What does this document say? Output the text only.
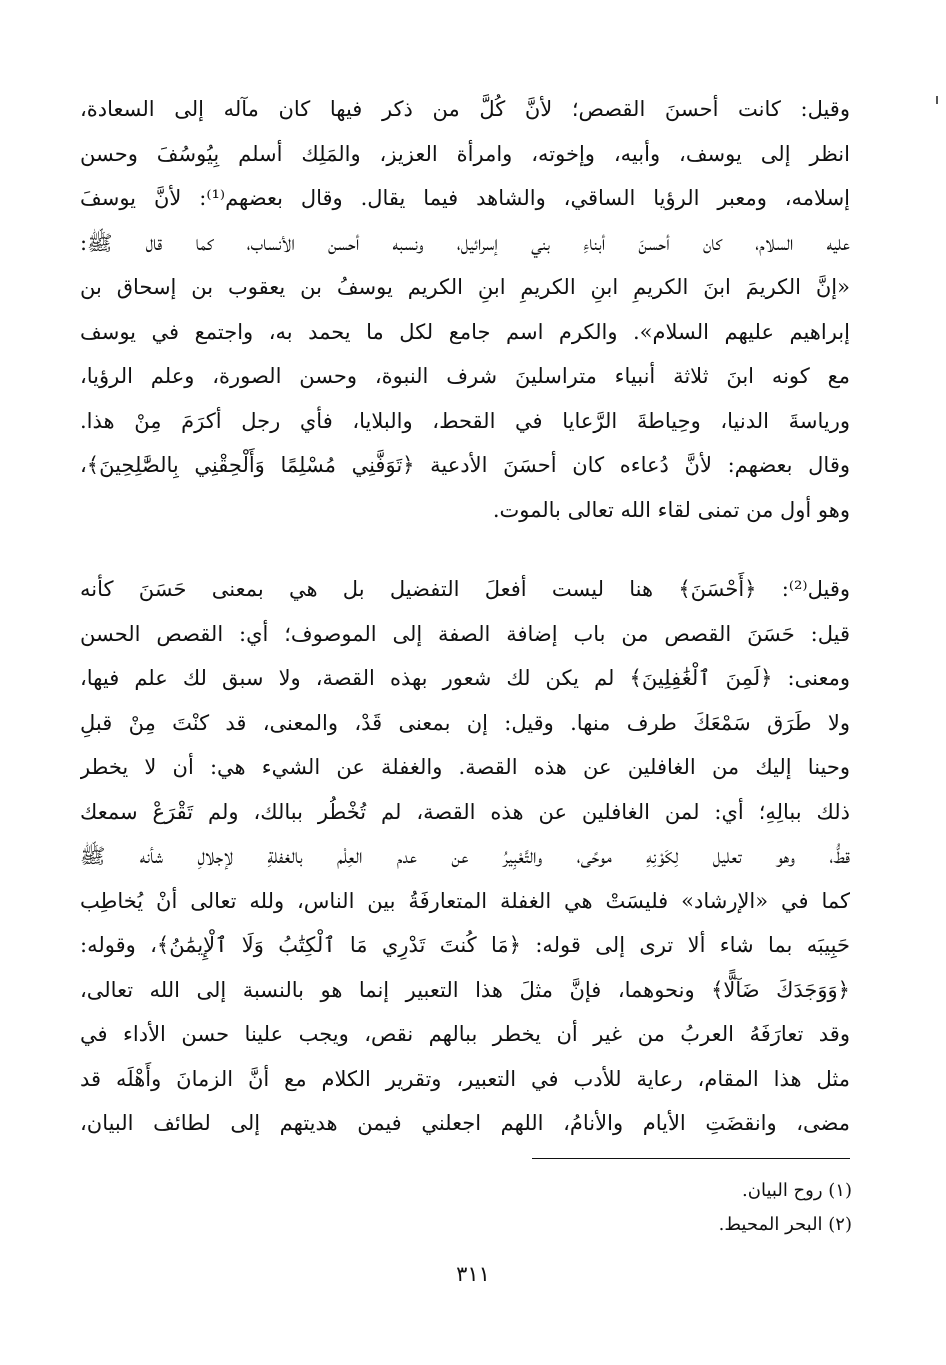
وقيل: كانت أحسنَ القصص؛ لأنَّ كُلَّ من ذكر فيها كان مآله إلى السعادة،
انظر إلى يوسف، وأبيه، وإخوته، وامرأة العزيز، والمَلِك أسلم بِيُوسُفَ وحسن
إسلامه، ومعبر الرؤيا الساقي، والشاهد فيما يقال. وقال بعضهم⁽¹⁾: لأنَّ يوسفَ
عليه السلام، كان أحسنَ أبناءِ بني إسرائيل، ونسبه أحسن الأنساب، كما قال ﷺ:
«إنَّ الكريمَ ابنَ الكريمِ ابنِ الكريمِ ابنِ الكريم يوسفُ بن يعقوب بن إسحاق بن
إبراهيم عليهم السلام». والكرم اسم جامع لكل ما يحمد به، واجتمع في يوسف
مع كونه ابنَ ثلاثة أنبياء متراسلينَ شرف النبوة، وحسن الصورة، وعلم الرؤيا،
ورياسةَ الدنيا، وحِياطةَ الرَّعايا في القحط، والبلايا، فأي رجل أكرَمَ مِنْ هذا.
وقال بعضهم: لأنَّ دُعاءه كان أحسَنَ الأدعية ﴿تَوَفَّنِي مُسْلِمًا وَأَلْحِقْنِي بِالصَّٰلِحِينَ﴾،
وهو أول من تمنى لقاء الله تعالى بالموت.
وقيل⁽²⁾: ﴿أَحْسَنَ﴾ هنا ليست أفعلَ التفضيل بل هي بمعنى حَسَنَ كأنه
قيل: حَسَنَ القصص من باب إضافة الصفة إلى الموصوف؛ أي: القصص الحسن
ومعنى: ﴿لَمِنَ ٱلْغَٰفِلِينَ﴾ لم يكن لك شعور بهذه القصة، ولا سبق لك علم فيها،
ولا طَرَق سَمْعَكَ طرف منها. وقيل: إن بمعنى قَدْ، والمعنى، قد كنْتَ مِنْ قبلِ
وحينا إليك من الغافلين عن هذه القصة. والغفلة عن الشيء هي: أن لا يخطر
ذلك ببالِهِ؛ أي: لمن الغافلين عن هذه القصة، لم تُخْطُر ببالك، ولم تَقْرَعْ سمعك
قطُّ، وهو تعليل لِكَوْنِهِ موحًى، والتَّعْبِيرُ عن عدم العِلْم بالغفلةِ لإجلالِ شأنه ﷺ
كما في «الإرشاد» فليسَتْ هي الغفلة المتعارفَةُ بين الناس، ولله تعالى أنْ يُخاطِب
حَبِيبَه بما شاء ألا ترى إلى قوله: ﴿مَا كُنتَ تَدْرِي مَا ٱلْكِتَٰبُ وَلَا ٱلْإِيمَٰنُ﴾، وقوله:
﴿وَوَجَدَكَ ضَآلًّا﴾ ونحوهما، فإنَّ مثلَ هذا التعبير إنما هو بالنسبة إلى الله تعالى،
وقد تعارَفَهُ العربُ من غير أن يخطر ببالهم نقص، ويجب علينا حسن الأداء في
مثل هذا المقام، رعاية للأدب في التعبير، وتقرير الكلام مع أنَّ الزمانَ وأَهْلَه قد
مضى، وانقضَتِ الأيام والأنامُ، اللهم اجعلني فيمن هديتهم إلى لطائف البيان،
(١) روح البيان.
(٢) البحر المحيط.
٣١١
